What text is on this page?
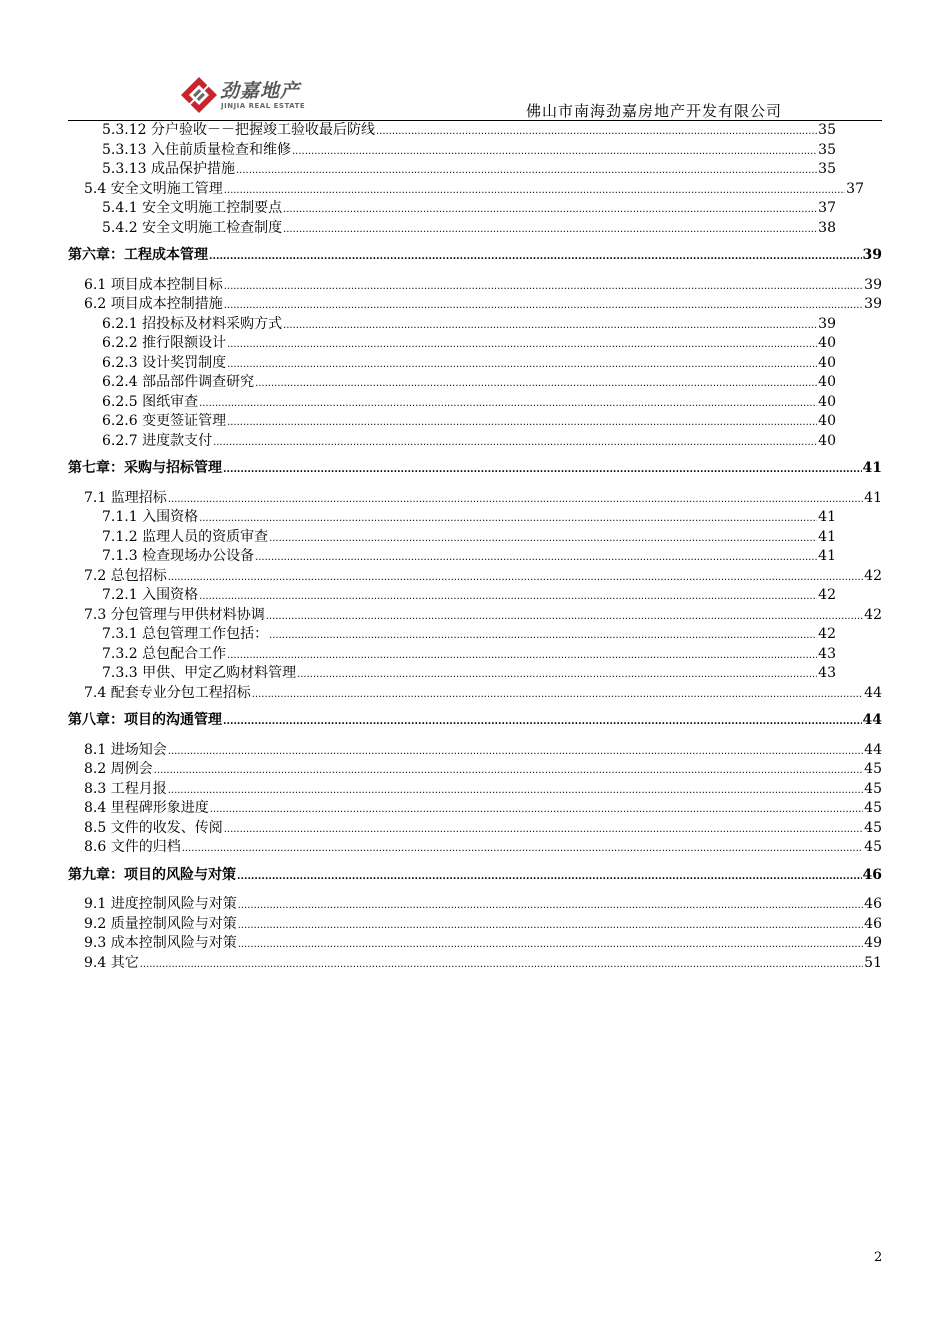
劲嘉地产
JINJIA REAL ESTATE	佛山市南海劲嘉房地产开发有限公司
5.3.12 分户验收－－把握竣工验收最后防线 .....	35
5.3.13 入住前质量检查和维修 .....	35
5.3.13 成品保护措施 .....	35
5.4 安全文明施工管理 .....	37
5.4.1 安全文明施工控制要点 .....	37
5.4.2 安全文明施工检查制度 .....	38
第六章：工程成本管理 .....	39
6.1 项目成本控制目标 .....	39
6.2 项目成本控制措施 .....	39
6.2.1 招投标及材料采购方式 .....	39
6.2.2 推行限额设计 .....	40
6.2.3 设计奖罚制度 .....	40
6.2.4 部品部件调查研究 .....	40
6.2.5 图纸审查 .....	40
6.2.6 变更签证管理 .....	40
6.2.7 进度款支付 .....	40
第七章：采购与招标管理 .....	41
7.1 监理招标 .....	41
7.1.1 入围资格 .....	41
7.1.2 监理人员的资质审查 .....	41
7.1.3 检查现场办公设备 .....	41
7.2 总包招标 .....	42
7.2.1 入围资格 .....	42
7.3 分包管理与甲供材料协调 .....	42
7.3.1 总包管理工作包括： .....	42
7.3.2 总包配合工作 .....	43
7.3.3 甲供、甲定乙购材料管理 .....	43
7.4 配套专业分包工程招标 .....	44
第八章：项目的沟通管理 .....	44
8.1 进场知会 .....	44
8.2 周例会 .....	45
8.3 工程月报 .....	45
8.4 里程碑形象进度 .....	45
8.5 文件的收发、传阅 .....	45
8.6 文件的归档 .....	45
第九章：项目的风险与对策 .....	46
9.1 进度控制风险与对策 .....	46
9.2 质量控制风险与对策 .....	46
9.3 成本控制风险与对策 .....	49
9.4 其它 .....	51
2
